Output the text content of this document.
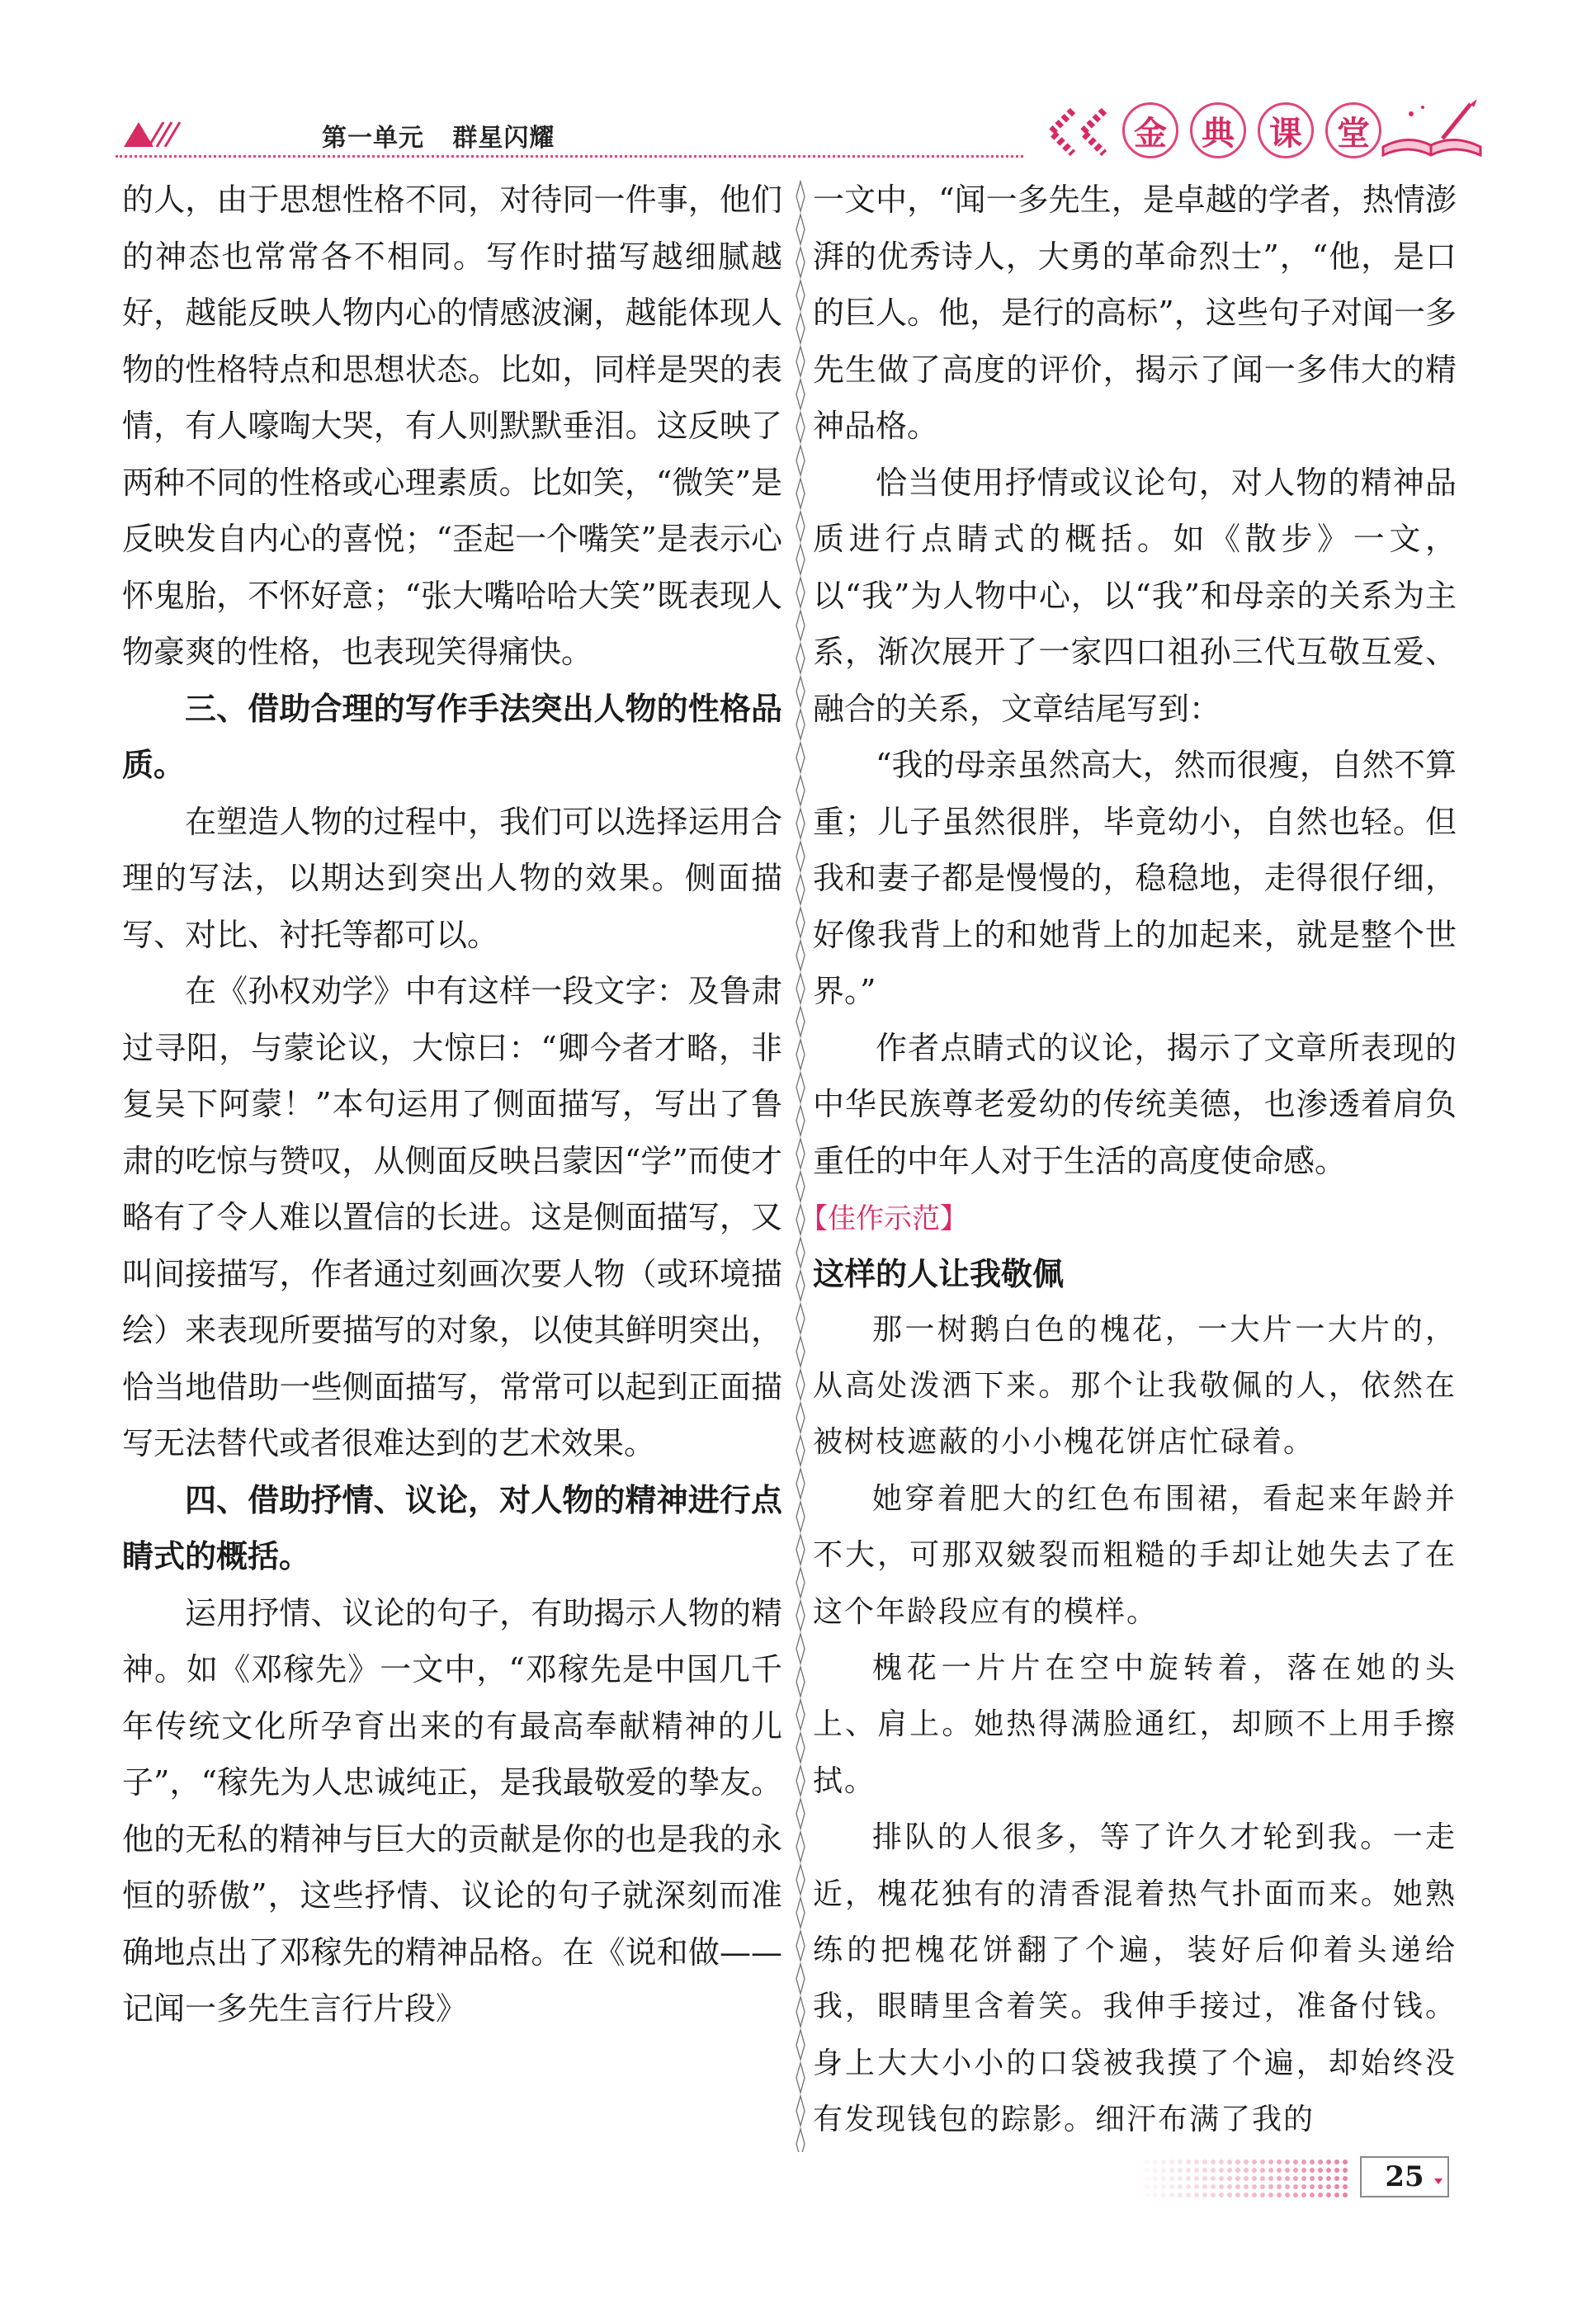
第一单元   群星闪耀	金	典	课	堂

的人，由于思想性格不同，对待同一件事，他们的神态也常常各不相同。写作时描写越细腻越好，越能反映人物内心的情感波澜，越能体现人物的性格特点和思想状态。比如，同样是哭的表情，有人嚎啕大哭，有人则默默垂泪。这反映了两种不同的性格或心理素质。比如笑，“微笑”是反映发自内心的喜悦；“歪起一个嘴笑”是表示心怀鬼胎，不怀好意；“张大嘴哈哈大笑”既表现人物豪爽的性格，也表现笑得痛快。

三、借助合理的写作手法突出人物的性格品质。

在塑造人物的过程中，我们可以选择运用合理的写法，以期达到突出人物的效果。侧面描写、对比、衬托等都可以。

在《孙权劝学》中有这样一段文字：及鲁肃过寻阳，与蒙论议，大惊曰：“卿今者才略，非复吴下阿蒙！”本句运用了侧面描写，写出了鲁肃的吃惊与赞叹，从侧面反映吕蒙因“学”而使才略有了令人难以置信的长进。这是侧面描写，又叫间接描写，作者通过刻画次要人物（或环境描绘）来表现所要描写的对象，以使其鲜明突出，恰当地借助一些侧面描写，常常可以起到正面描写无法替代或者很难达到的艺术效果。

四、借助抒情、议论，对人物的精神进行点睛式的概括。

运用抒情、议论的句子，有助揭示人物的精神。如《邓稼先》一文中，“邓稼先是中国几千年传统文化所孕育出来的有最高奉献精神的儿子”，“稼先为人忠诚纯正，是我最敬爱的挚友。他的无私的精神与巨大的贡献是你的也是我的永恒的骄傲”，这些抒情、议论的句子就深刻而准确地点出了邓稼先的精神品格。在《说和做——记闻一多先生言行片段》

一文中，“闻一多先生，是卓越的学者，热情澎湃的优秀诗人，大勇的革命烈士”，“他，是口的巨人。他，是行的高标”，这些句子对闻一多先生做了高度的评价，揭示了闻一多伟大的精神品格。

恰当使用抒情或议论句，对人物的精神品质进行点睛式的概括。如《散步》一文，以“我”为人物中心，以“我”和母亲的关系为主系，渐次展开了一家四口祖孙三代互敬互爱、融合的关系，文章结尾写到：

“我的母亲虽然高大，然而很瘦，自然不算重；儿子虽然很胖，毕竟幼小，自然也轻。但我和妻子都是慢慢的，稳稳地，走得很仔细，好像我背上的和她背上的加起来，就是整个世界。”

作者点睛式的议论，揭示了文章所表现的中华民族尊老爱幼的传统美德，也渗透着肩负重任的中年人对于生活的高度使命感。

【佳作示范】

这样的人让我敬佩

那一树鹅白色的槐花，一大片一大片的，从高处泼洒下来。那个让我敬佩的人，依然在被树枝遮蔽的小小槐花饼店忙碌着。

她穿着肥大的红色布围裙，看起来年龄并不大，可那双皴裂而粗糙的手却让她失去了在这个年龄段应有的模样。

槐花一片片在空中旋转着，落在她的头上、肩上。她热得满脸通红，却顾不上用手擦拭。

排队的人很多，等了许久才轮到我。一走近，槐花独有的清香混着热气扑面而来。她熟练的把槐花饼翻了个遍，装好后仰着头递给我，眼睛里含着笑。我伸手接过，准备付钱。身上大大小小的口袋被我摸了个遍，却始终没有发现钱包的踪影。细汗布满了我的

25
